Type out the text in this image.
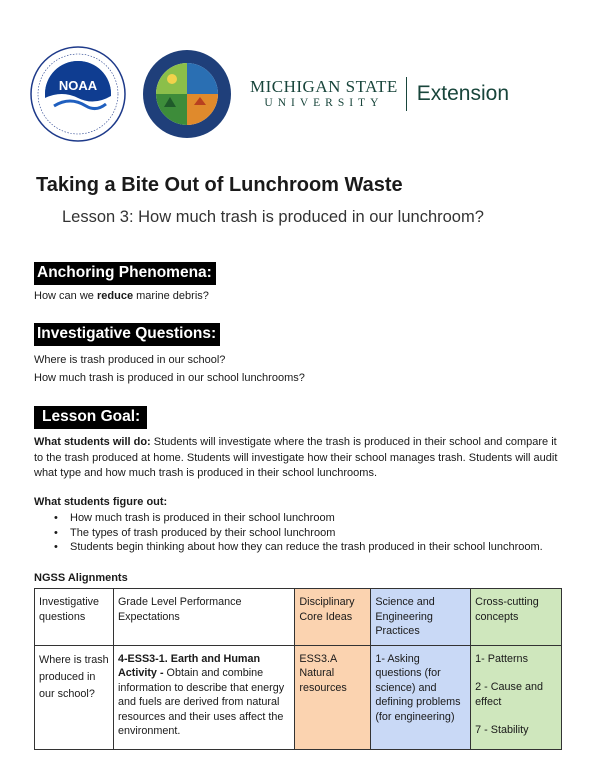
NOAA	MICHIGAN STATE
UNIVERSITY Extension
Taking a Bite Out of Lunchroom Waste
Lesson 3: How much trash is produced in our lunchroom?
Anchoring Phenomena:
How can we reduce marine debris?
Investigative Questions:
Where is trash produced in our school?
How much trash is produced in our school lunchrooms?
Lesson Goal:
What students will do: Students will investigate where the trash is produced in their school and compare it to the trash produced at home. Students will investigate how their school manages trash. Students will audit what type and how much trash is produced in their school lunchrooms.
What students figure out:
• How much trash is produced in their school lunchroom
• The types of trash produced by their school lunchroom
• Students begin thinking about how they can reduce the trash produced in their school lunchroom.
NGSS Alignments
Investigative questions	Grade Level Performance Expectations	Disciplinary Core Ideas	Science and Engineering Practices	Cross-cutting concepts
Where is trash produced in our school?	4-ESS3-1. Earth and Human Activity - Obtain and combine information to describe that energy and fuels are derived from natural resources and their uses affect the environment.	ESS3.A Natural resources	1- Asking questions (for science) and defining problems (for engineering)	1- Patterns
2 - Cause and effect
7 - Stability
